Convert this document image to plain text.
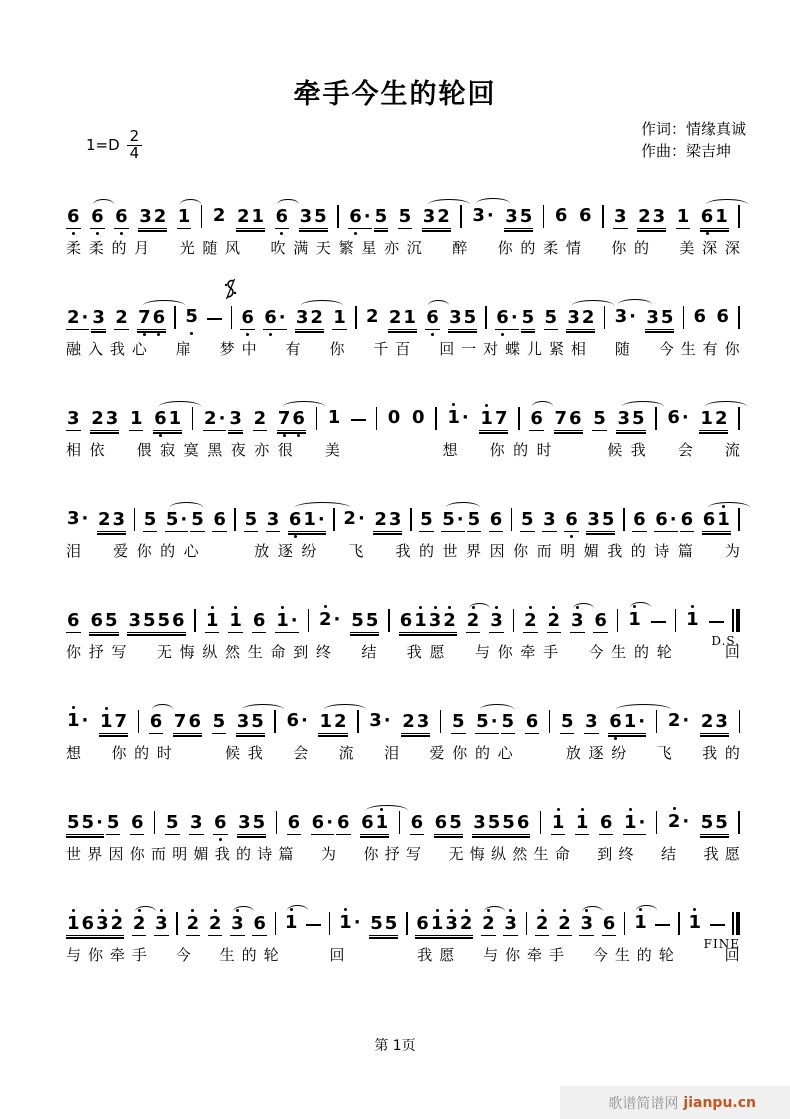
牵手今生的轮回
$1=D \frac{2}{4}$	作词：情缘真诚
作曲：梁吉坤
6 6 6 3 2 1 2 2 1 6 3 5 6 · 5 5 3 2 3 · 3 5 6 6 3 2 3 1 6 1
柔 柔 的 月
　 光 随 风
　 吹 满 天 繁 星 亦 沉
　 醉
　 你 的 柔 情
　 你 的
　 美 深 深
2 · 3 2 7 6 5 6 6 · 3 2 1 2 2 1 6 3 5 6 · 5 5 3 2 3 · 3 5 6 6
融 入 我 心
　 扉
　 梦 中
　 有
　 你
　 千 百
　 回 一 对 蝶 儿 紧 相
　 随
　 今 生 有 你
3 2 3 1 6 1 2 · 3 2 7 6 1	0 0 1 · 1 7 6 7 6 5 3 5 6 · 1 2
相 依
　 偎 寂 寞 黑 夜 亦 很
　 美

　	想
　 你 的 时

　	候 我
　 会
　 流
3 · 2 3 5 5 · 5 6 5 3 6 1 · 2 · 2 3 5 5 · 5 6 5 3 6 3 5 6 6 · 6 6 1
泪
　 爱 你 的 心

　	放 逐 纷
　 飞
　 我 的 世 界 因 你 而 明 媚 我 的 诗 篇
　 为
6 6 5 3 5 5 6 1 1 6 1 · 2 · 5 5 6 1 3 2 2 3 2 2 3 6 1	1
D.S.
你 抒 写
　 无 悔 纵 然 生 命 到 终
　 结
　 我 愿
　 与 你 牵 手
　 今 生 的 轮

　	回
1 · 1 7 6 7 6 5 3 5 6 · 1 2 3 · 2 3 5 5 · 5 6 5 3 6 1 · 2 · 2 3
想
　 你 的 时

　	候 我
　 会
　 流
　 泪
　 爱 你 的 心

　	放 逐 纷
　 飞
　 我 的
5 5 · 5 6 5 3 6 3 5 6 6 · 6 6 1 6 6 5 3 5 5 6 1 1 6 1 · 2 · 5 5
世 界 因 你 而 明 媚 我 的 诗 篇
　 为
　 你 抒 写
　 无 悔 纵 然 生 命
　 到 终
　 结
　 我 愿
1 6 3 2 2 3 2 2 3 6 1 1 · 5 5 6 1 3 2 2 3 2 2 3 6 1 1
FINE
与 你 牵 手
　 今
　 生 的 轮

　	回

　	我 愿
　 与 你 牵 手
　 今 生 的 轮

　	回
第 1页
歌谱简谱网 jianpu.cn
